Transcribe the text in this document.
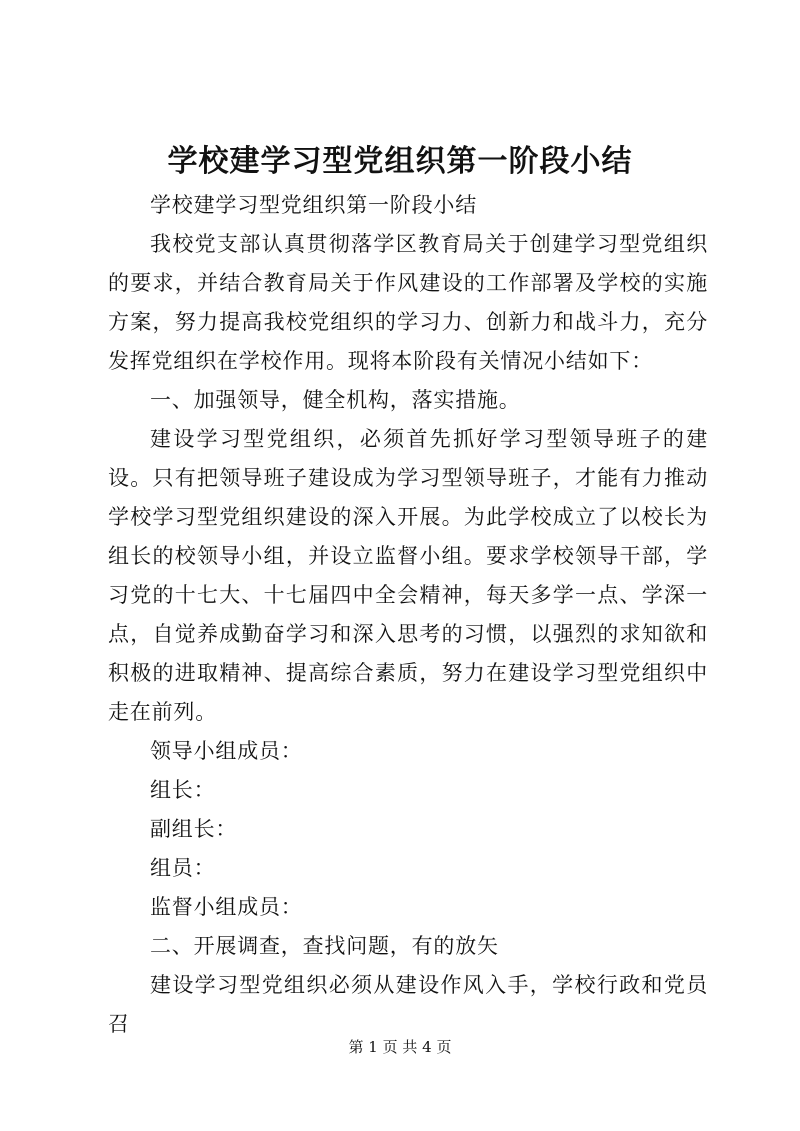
学校建学习型党组织第一阶段小结

学校建学习型党组织第一阶段小结

我校党支部认真贯彻落学区教育局关于创建学习型党组织的要求，并结合教育局关于作风建设的工作部署及学校的实施方案，努力提高我校党组织的学习力、创新力和战斗力，充分发挥党组织在学校作用。现将本阶段有关情况小结如下：

一、加强领导，健全机构，落实措施。

建设学习型党组织，必须首先抓好学习型领导班子的建设。只有把领导班子建设成为学习型领导班子，才能有力推动学校学习型党组织建设的深入开展。为此学校成立了以校长为组长的校领导小组，并设立监督小组。要求学校领导干部，学习党的十七大、十七届四中全会精神，每天多学一点、学深一点，自觉养成勤奋学习和深入思考的习惯，以强烈的求知欲和积极的进取精神、提高综合素质，努力在建设学习型党组织中走在前列。

领导小组成员：

组长：

副组长：

组员：

监督小组成员：

二、开展调查，查找问题，有的放矢

建设学习型党组织必须从建设作风入手，学校行政和党员召

第 1 页 共 4 页
